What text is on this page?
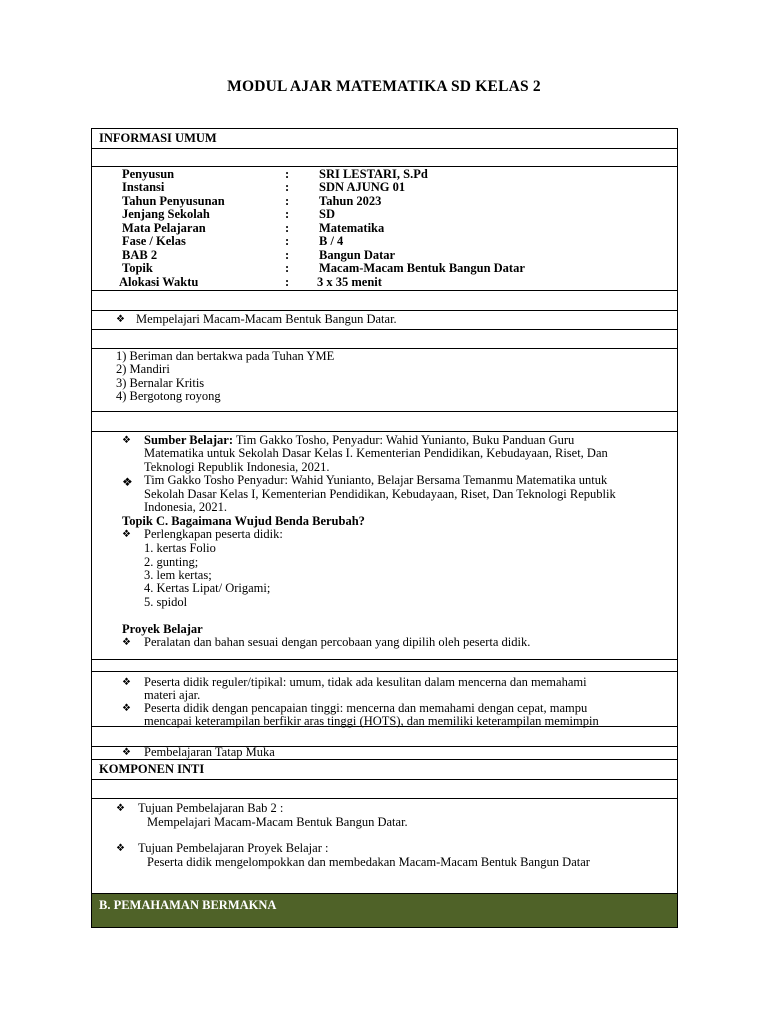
MODUL AJAR MATEMATIKA SD KELAS 2
INFORMASI UMUM
Penyusun	: SRI LESTARI, S.Pd
Instansi	: SDN AJUNG 01
Tahun Penyusunan	: Tahun 2023
Jenjang Sekolah	: SD
Mata Pelajaran	: Matematika
Fase / Kelas	: B / 4
BAB 2	: Bangun Datar
Topik	: Macam-Macam Bentuk Bangun Datar
Alokasi Waktu	: 3 x 35 menit
❖ Mempelajari Macam-Macam Bentuk Bangun Datar.
1) Beriman dan bertakwa pada Tuhan YME
2) Mandiri
3) Bernalar Kritis
4) Bergotong royong
❖ Sumber Belajar: Tim Gakko Tosho, Penyadur: Wahid Yunianto, Buku Panduan Guru
Matematika untuk Sekolah Dasar Kelas I. Kementerian Pendidikan, Kebudayaan, Riset, Dan
Teknologi Republik Indonesia, 2021.
❖ Tim Gakko Tosho Penyadur: Wahid Yunianto, Belajar Bersama Temanmu Matematika untuk
Sekolah Dasar Kelas I, Kementerian Pendidikan, Kebudayaan, Riset, Dan Teknologi Republik
Indonesia, 2021.
Topik C. Bagaimana Wujud Benda Berubah?
❖ Perlengkapan peserta didik:
1. kertas Folio
2. gunting;
3. lem kertas;
4. Kertas Lipat/ Origami;
5. spidol
Proyek Belajar
❖ Peralatan dan bahan sesuai dengan percobaan yang dipilih oleh peserta didik.
❖ Peserta didik reguler/tipikal: umum, tidak ada kesulitan dalam mencerna dan memahami
materi ajar.
❖ Peserta didik dengan pencapaian tinggi: mencerna dan memahami dengan cepat, mampu
mencapai keterampilan berfikir aras tinggi (HOTS), dan memiliki keterampilan memimpin
❖ Pembelajaran Tatap Muka
KOMPONEN INTI
❖ Tujuan Pembelajaran Bab 2 :
Mempelajari Macam-Macam Bentuk Bangun Datar.
❖ Tujuan Pembelajaran Proyek Belajar :
Peserta didik mengelompokkan dan membedakan Macam-Macam Bentuk Bangun Datar
B. PEMAHAMAN BERMAKNA
